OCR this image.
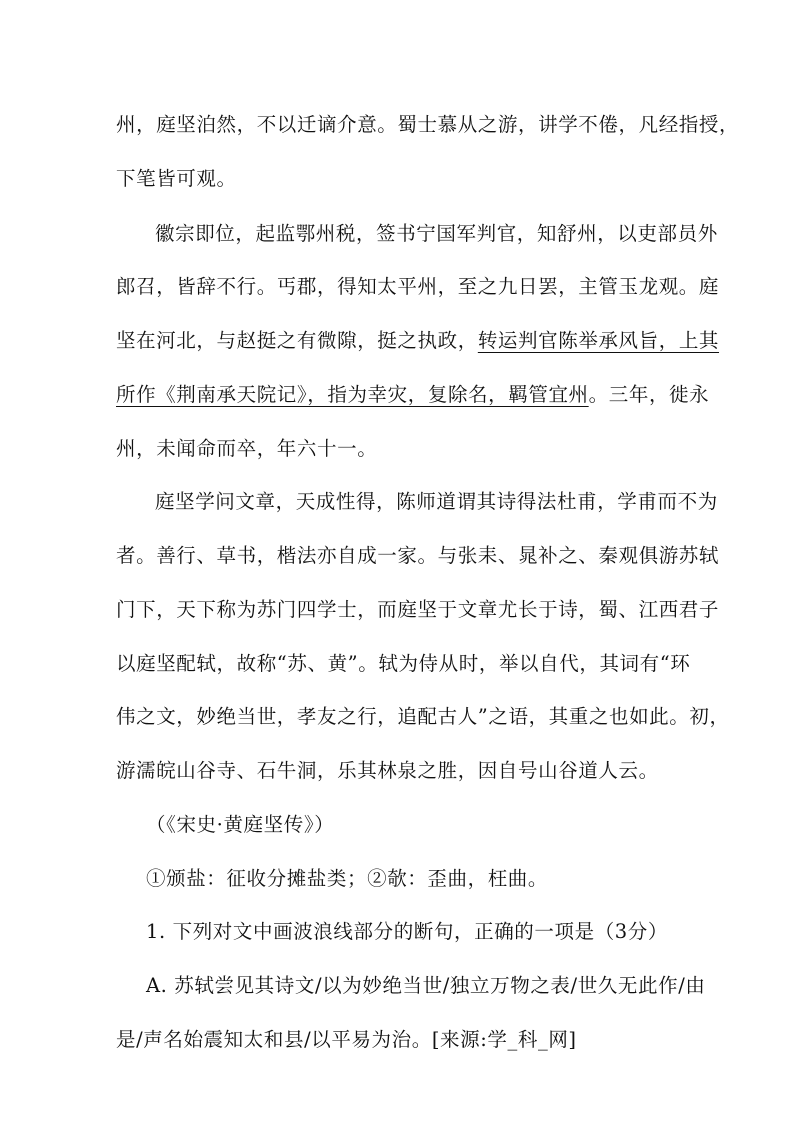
州，庭坚泊然，不以迁谪介意。蜀士慕从之游，讲学不倦，凡经指授，
下笔皆可观。
徽宗即位，起监鄂州税，签书宁国军判官，知舒州，以吏部员外
郎召，皆辞不行。丐郡，得知太平州，至之九日罢，主管玉龙观。庭
坚在河北，与赵挺之有微隙，挺之执政，转运判官陈举承风旨，上其
所作《荆南承天院记》，指为幸灾，复除名，羁管宜州。三年，徙永
州，未闻命而卒，年六十一。
庭坚学问文章，天成性得，陈师道谓其诗得法杜甫，学甫而不为
者。善行、草书，楷法亦自成一家。与张耒、晁补之、秦观俱游苏轼
门下，天下称为苏门四学士，而庭坚于文章尤长于诗，蜀、江西君子
以庭坚配轼，故称“苏、黄”。轼为侍从时，举以自代，其词有“环
伟之文，妙绝当世，孝友之行，追配古人”之语，其重之也如此。初，
游濡皖山谷寺、石牛洞，乐其林泉之胜，因自号山谷道人云。
（《宋史·黄庭坚传》）
①颁盐：征收分摊盐类；②欹：歪曲，枉曲。
1. 下列对文中画波浪线部分的断句，正确的一项是（3分）
A. 苏轼尝见其诗文/以为妙绝当世/独立万物之表/世久无此作/由
是/声名始震知太和县/以平易为治。[来源:学_科_网]
